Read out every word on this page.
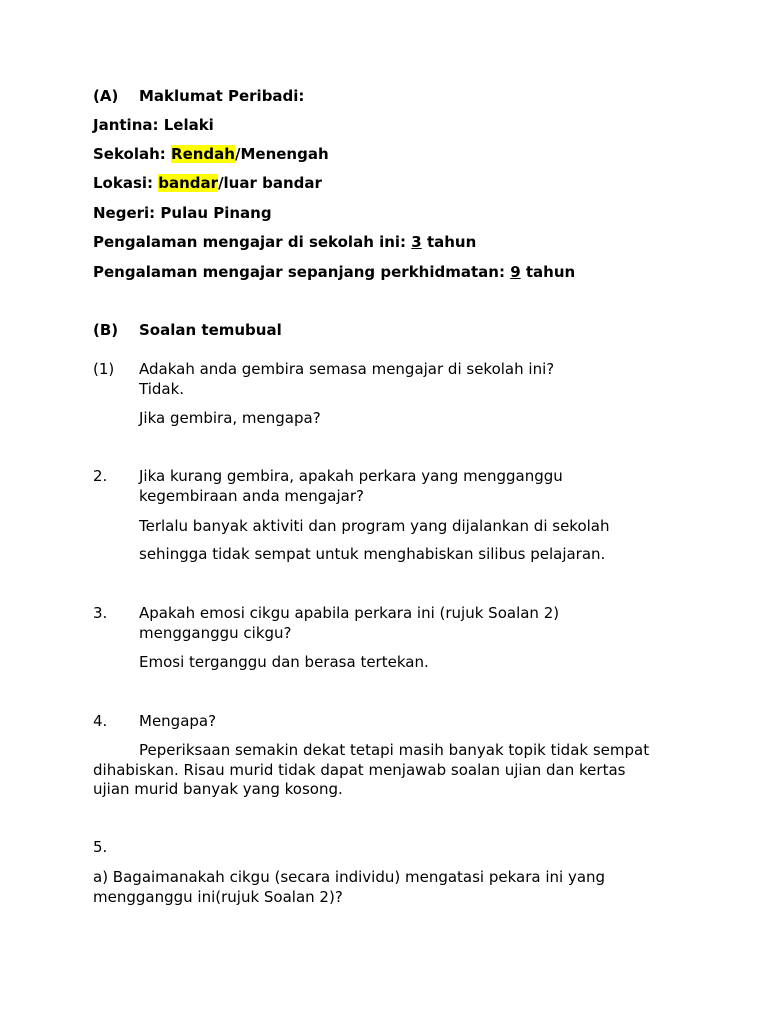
(A) Maklumat Peribadi:
Jantina: Lelaki
Sekolah: Rendah/Menengah
Lokasi: bandar/luar bandar
Negeri: Pulau Pinang
Pengalaman mengajar di sekolah ini: 3 tahun
Pengalaman mengajar sepanjang perkhidmatan: 9 tahun
(B) Soalan temubual
(1) Adakah anda gembira semasa mengajar di sekolah ini?
Tidak.
Jika gembira, mengapa?
2. Jika kurang gembira, apakah perkara yang mengganggu
kegembiraan anda mengajar?
Terlalu banyak aktiviti dan program yang dijalankan di sekolah
sehingga tidak sempat untuk menghabiskan silibus pelajaran.
3. Apakah emosi cikgu apabila perkara ini (rujuk Soalan 2)
mengganggu cikgu?
Emosi terganggu dan berasa tertekan.
4. Mengapa?
Peperiksaan semakin dekat tetapi masih banyak topik tidak sempat
dihabiskan. Risau murid tidak dapat menjawab soalan ujian dan kertas
ujian murid banyak yang kosong.
5.
a) Bagaimanakah cikgu (secara individu) mengatasi pekara ini yang
mengganggu ini(rujuk Soalan 2)?
